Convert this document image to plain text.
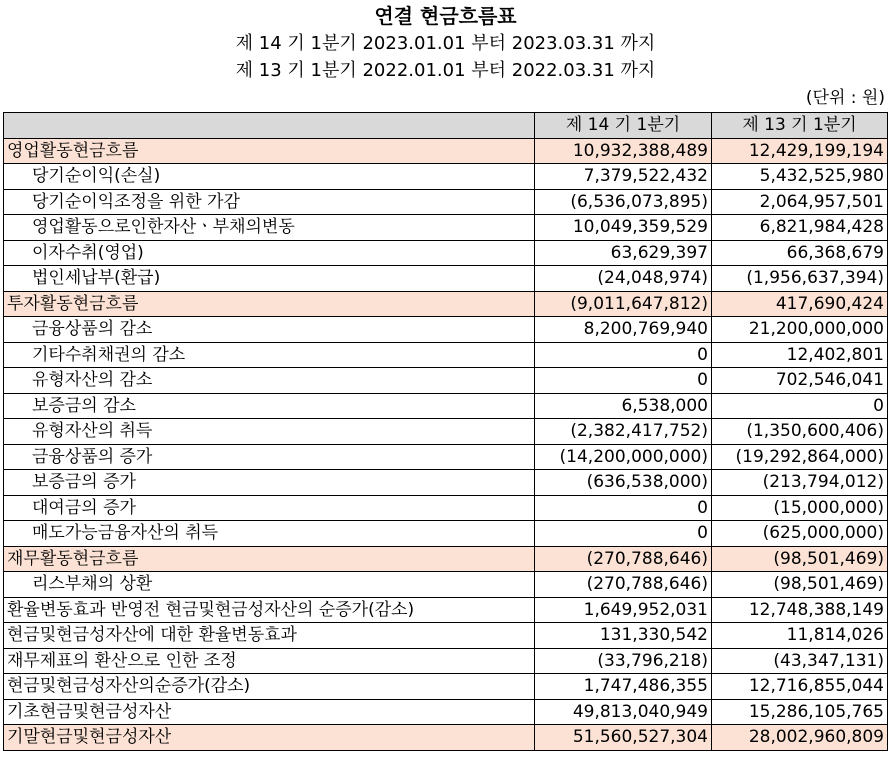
연결 현금흐름표
제 14 기 1분기 2023.01.01 부터 2023.03.31 까지
제 13 기 1분기 2022.01.01 부터 2022.03.31 까지
(단위 : 원)
	제 14 기 1분기	제 13 기 1분기
영업활동현금흐름	10,932,388,489	12,429,199,194
당기순이익(손실)	7,379,522,432	5,432,525,980
당기순이익조정을 위한 가감	(6,536,073,895)	2,064,957,501
영업활동으로인한자산ㆍ부채의변동	10,049,359,529	6,821,984,428
이자수취(영업)	63,629,397	66,368,679
법인세납부(환급)	(24,048,974)	(1,956,637,394)
투자활동현금흐름	(9,011,647,812)	417,690,424
금융상품의 감소	8,200,769,940	21,200,000,000
기타수취채권의 감소	0	12,402,801
유형자산의 감소	0	702,546,041
보증금의 감소	6,538,000	0
유형자산의 취득	(2,382,417,752)	(1,350,600,406)
금융상품의 증가	(14,200,000,000)	(19,292,864,000)
보증금의 증가	(636,538,000)	(213,794,012)
대여금의 증가	0	(15,000,000)
매도가능금융자산의 취득	0	(625,000,000)
재무활동현금흐름	(270,788,646)	(98,501,469)
리스부채의 상환	(270,788,646)	(98,501,469)
환율변동효과 반영전 현금및현금성자산의 순증가(감소)	1,649,952,031	12,748,388,149
현금및현금성자산에 대한 환율변동효과	131,330,542	11,814,026
재무제표의 환산으로 인한 조정	(33,796,218)	(43,347,131)
현금및현금성자산의순증가(감소)	1,747,486,355	12,716,855,044
기초현금및현금성자산	49,813,040,949	15,286,105,765
기말현금및현금성자산	51,560,527,304	28,002,960,809
